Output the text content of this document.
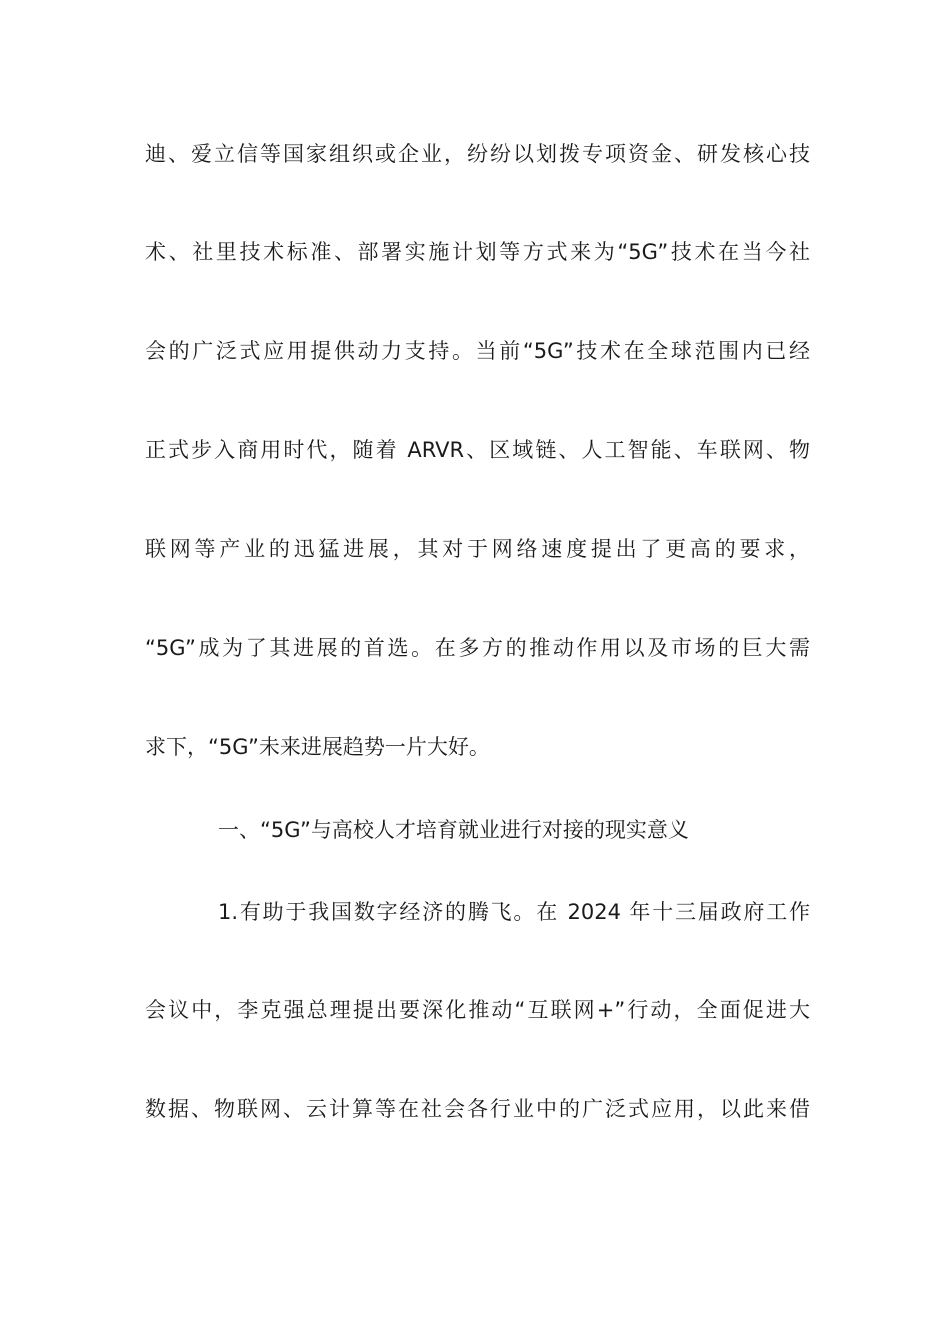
迪、爱立信等国家组织或企业，纷纷以划拨专项资金、研发核心技
术、社里技术标准、部署实施计划等方式来为“5G”技术在当今社
会的广泛式应用提供动力支持。当前“5G”技术在全球范围内已经
正式步入商用时代，随着 ARVR、区域链、人工智能、车联网、物
联网等产业的迅猛进展，其对于网络速度提出了更高的要求，
“5G”成为了其进展的首选。在多方的推动作用以及市场的巨大需
求下，“5G”未来进展趋势一片大好。
一、“5G”与高校人才培育就业进行对接的现实意义
1.有助于我国数字经济的腾飞。在 2024 年十三届政府工作
会议中，李克强总理提出要深化推动“互联网+”行动，全面促进大
数据、物联网、云计算等在社会各行业中的广泛式应用，以此来借
